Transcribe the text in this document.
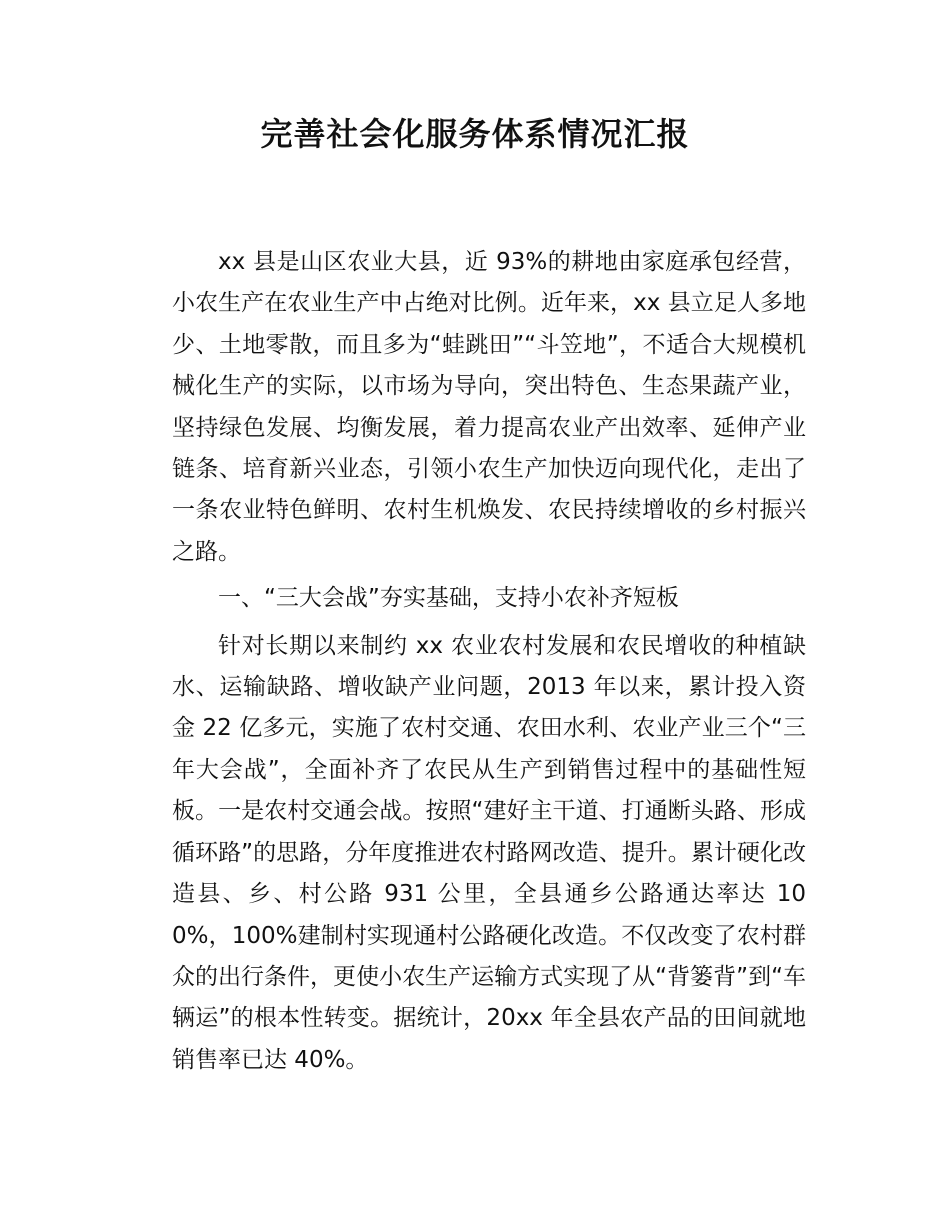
完善社会化服务体系情况汇报

xx 县是山区农业大县，近 93%的耕地由家庭承包经营，小农生产在农业生产中占绝对比例。近年来，xx 县立足人多地少、土地零散，而且多为“蛙跳田”“斗笠地”，不适合大规模机械化生产的实际，以市场为导向，突出特色、生态果蔬产业，坚持绿色发展、均衡发展，着力提高农业产出效率、延伸产业链条、培育新兴业态，引领小农生产加快迈向现代化，走出了一条农业特色鲜明、农村生机焕发、农民持续增收的乡村振兴之路。

一、“三大会战”夯实基础，支持小农补齐短板

针对长期以来制约 xx 农业农村发展和农民增收的种植缺水、运输缺路、增收缺产业问题，2013 年以来，累计投入资金 22 亿多元，实施了农村交通、农田水利、农业产业三个“三年大会战”，全面补齐了农民从生产到销售过程中的基础性短板。一是农村交通会战。按照“建好主干道、打通断头路、形成循环路”的思路，分年度推进农村路网改造、提升。累计硬化改造县、乡、村公路 931 公里，全县通乡公路通达率达 100%，100%建制村实现通村公路硬化改造。不仅改变了农村群众的出行条件，更使小农生产运输方式实现了从“背篓背”到“车辆运”的根本性转变。据统计，20xx 年全县农产品的田间就地销售率已达 40%。
